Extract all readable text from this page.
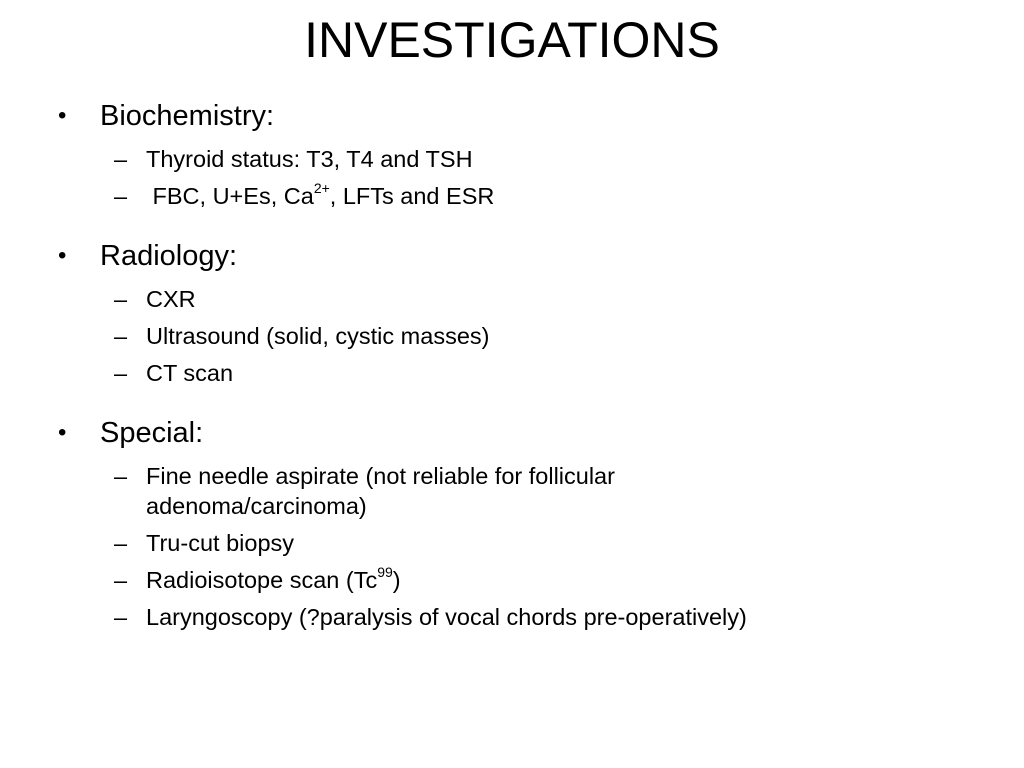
INVESTIGATIONS
• Biochemistry:
– Thyroid status: T3, T4 and TSH
– FBC, U+Es, $Ca^{2+}$, LFTs and ESR
• Radiology:
– CXR
– Ultrasound (solid, cystic masses)
– CT scan
• Special:
– Fine needle aspirate (not reliable for follicular adenoma/carcinoma)
– Tru-cut biopsy
– Radioisotope scan (Tc$^{99}$)
– Laryngoscopy (?paralysis of vocal chords pre-operatively)
